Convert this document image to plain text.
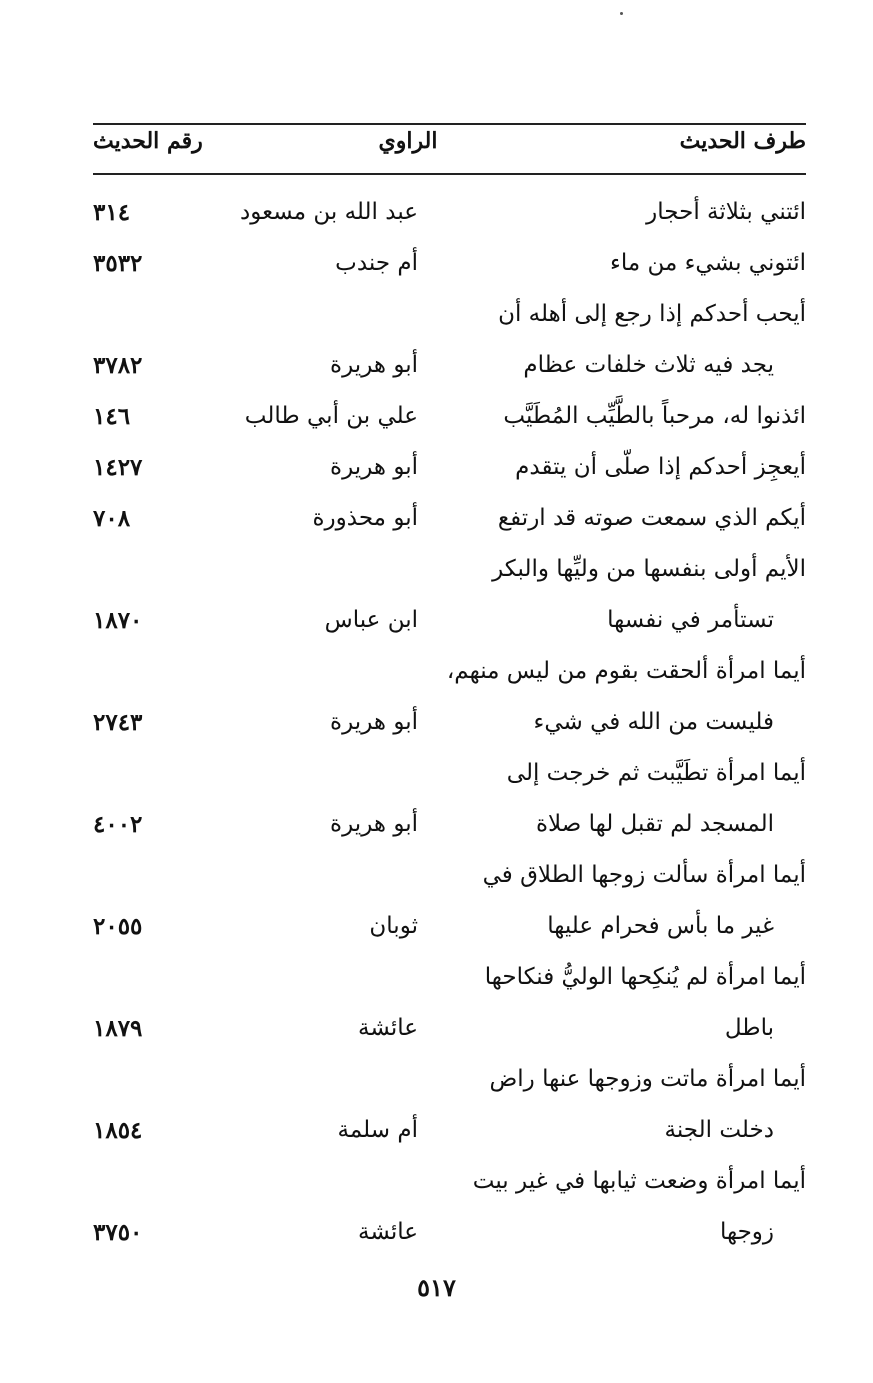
طرف الحديث
الراوي
رقم الحديث
ائتني بثلاثة أحجار
عبد الله بن مسعود
٣١٤
ائتوني بشيء من ماء
أم جندب
٣٥٣٢
أيحب أحدكم إذا رجع إلى أهله أن
يجد فيه ثلاث خلفات عظام
أبو هريرة
٣٧٨٢
ائذنوا له، مرحباً بالطَّيِّب المُطَيَّب
علي بن أبي طالب
١٤٦
أيعجِز أحدكم إذا صلّى أن يتقدم
أبو هريرة
١٤٢٧
أيكم الذي سمعت صوته قد ارتفع
أبو محذورة
٧٠٨
الأيم أولى بنفسها من وليِّها والبكر
تستأمر في نفسها
ابن عباس
١٨٧٠
أيما امرأة ألحقت بقوم من ليس منهم،
فليست من الله في شيء
أبو هريرة
٢٧٤٣
أيما امرأة تطَيَّبت ثم خرجت إلى
المسجد لم تقبل لها صلاة
أبو هريرة
٤٠٠٢
أيما امرأة سألت زوجها الطلاق في
غير ما بأس فحرام عليها
ثوبان
٢٠٥٥
أيما امرأة لم يُنكِحها الوليُّ فنكاحها
باطل
عائشة
١٨٧٩
أيما امرأة ماتت وزوجها عنها راض
دخلت الجنة
أم سلمة
١٨٥٤
أيما امرأة وضعت ثيابها في غير بيت
زوجها
عائشة
٣٧٥٠
٥١٧
